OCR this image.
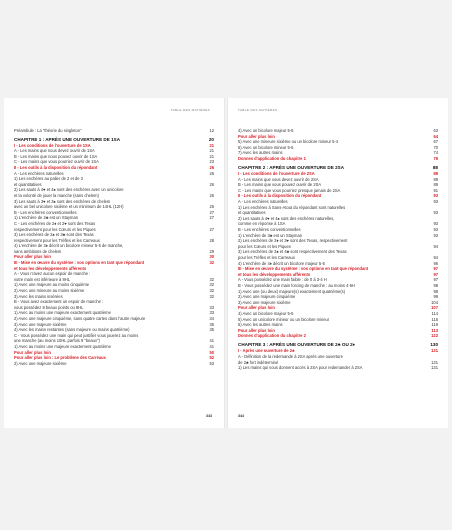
TABLE DES MATIÈRES
Préambule : La "théorie du singleton"	12
CHAPITRE 1 : APRÈS UNE OUVERTURE DE 1SA	20
I - Les conditions de l'ouverture de 1SA	21
A - Les mains que nous devez ouvrir de 1SA	21
B - Les mains que nous pouvez ouvrir de 1SA	21
C - Les mains que vous pourriez ouvrir de 1SA	23
II - Les outils à la disposition du répondant	26
A - Les enchères naturelles	26
1) Les enchères au palier de 2 et de 3
et quantitatives	26
2) Les sauts à 4♥ et 4♠ sont des enchères avec un unicolore
et la volonté de jouer la manche (sans chelem)	26
3) Les sauts à 3♥ et 3♠ sont des enchères de chelem
avec un bel unicolore sixième et un minimum de 14HL (12H)	26
B - Les enchères conventionnelles	27
1) L'enchère de 2♣ est un Stayman	27
C - Les enchères de 2♦ et 2♥ sont des Texas
respectivement pour les Cœurs et les Piques	27
3) Les enchères de 2♠ et 3♣ sont des Texas
respectivement pour les Trèfles et les Carreaux	28
4) L'enchère de 3♦ décrit un bicolore mineur 5-5 de manche,
sans ambitions de chelem	29
Pour aller plus loin	30
III - Mise en œuvre du système : vos options en tant que répondant	32
et tous les développements afférents
A - Vous n'avez aucun espoir de manche :
votre main est inférieure à 8HL	32
1) Avec une majeure au moins cinquième	32
2) Avec une mineure au moins sixième	32
3) Avec les mains insérées	32
B - Vous avez exactement un espoir de manche :
vous possédez 8 beaux points ou 9HL	33
1) Avec au moins une majeure exactement quatrième	33
2) Avec une majeure cinquième, sans quatre cartes dans l'autre majeure	34
3) Avec une majeure sixième	35
4) Avec les mains restantes (sans majeure ou mains quatrième)	35
C - Vous possédez une main qui peut justifier vous jouerez au moins
une manche (au moins 10HL parfois 9 "beaux")	41
1) Avec au moins une majeure exactement quatrième	41
Pour aller plus loin	50
Pour aller plus loin : Le problème des Carreaux	52
2) Avec une majeure sixième	53
343
TABLE DES MATIÈRES
4) Avec un bicolore majeur 5-5	63
Pour aller plus loin	64
5) Avec une mineure sixième ou un bicolore mineur 5-4	67
6) Avec un bicolore mineur 5-5	70
7) Avec les autres mains	74
Donnes d'application du chapitre 1	79
CHAPITRE 2 : APRÈS UNE OUVERTURE DE 2SA	88
I - Les conditions de l'ouverture de 2SA	89
A - Les mains que vous devez ouvrir de 2SA	89
B - Les mains que vous pouvez ouvrir de 2SA	89
C - Les mains que vous pourriez presque jamais de 2SA	91
II - Les outils à la disposition du répondant	93
A - Les enchères naturelles	93
1) Les enchères à Sans-Atout du répondant sont naturelles
et quantitatives	93
2) Les sauts à 4♥ et 4♠ sont des enchères naturelles,
comme en réponse à 1SA	93
B - Les enchères conventionnelles	93
1) L'enchère de 3♣ est un Stayman	93
2) Les enchères de 3♦ et 3♥ sont des Texas, respectivement
pour les Cœurs et les Piques	94
3) Les enchères de 3♠ et 4♣ sont respectivement des Texas
pour les Trèfles et les Carreaux	94
4) L'enchère de 4♦ décrit un bicolore majeur 5-5	96
III - Mise en œuvre du système : vos options en tant que répondant	97
et tous les développements afférents	97
A - Vous possédez une main faible : de 0 à 3-4 H	97
B - Vous possédez une main forcing de manche : au moins 4-5H	98
1) Avec une (ou deux) majeure(s) exactement quatrième(s)	98
2) Avec une majeure cinquième	99
3) Avec une majeure sixième	104
Pour aller plus loin	107
4) Avec un bicolore majeur 5-5	114
5) Avec un unicolore mineur ou un bicolore mineur	116
6) Avec les autres mains	119
Pour aller plus loin	113
Donnes d'application du chapitre 2	122
CHAPITRE 3 : APRÈS UNE OUVERTURE DE 2♣ OU 2♦	130
I - Après une ouverture de 2♣	131
A - Définition de la redemande à 2SA après une ouverture
de 2♣ fort indéterminé	131
1) Les mains qui vous donnent accès à 2SA pour redemander à 2SA	131
344
